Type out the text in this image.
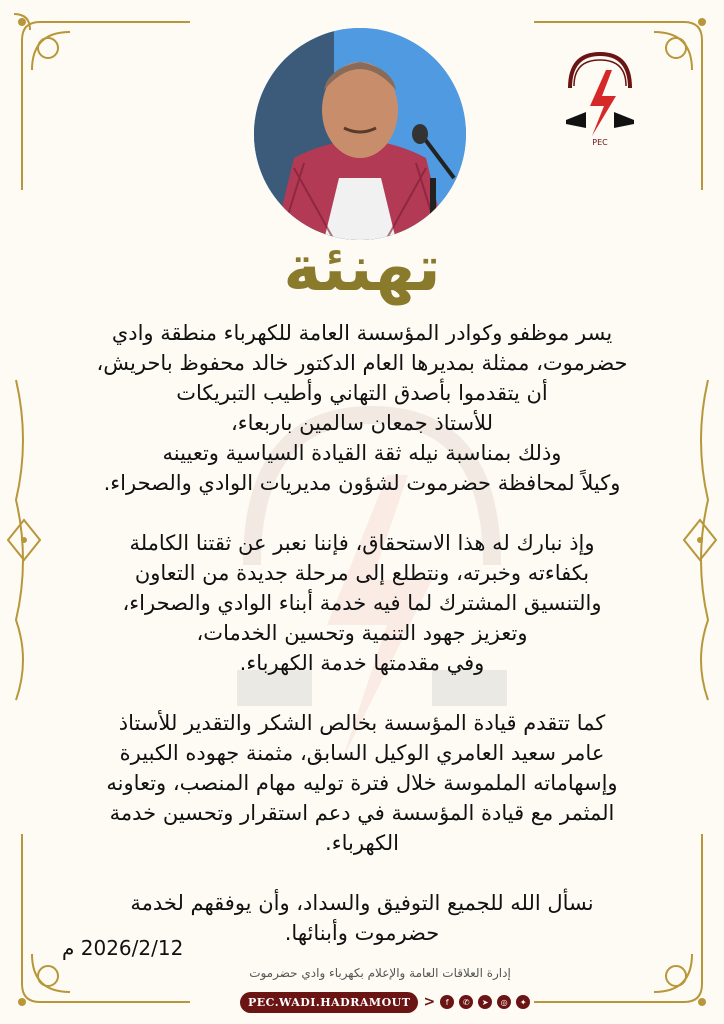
PEC
تهنئة

يسر موظفو وكوادر المؤسسة العامة للكهرباء منطقة وادي
حضرموت، ممثلة بمديرها العام الدكتور خالد محفوظ باحريش،
أن يتقدموا بأصدق التهاني وأطيب التبريكات
للأستاذ جمعان سالمين باربعاء،
وذلك بمناسبة نيله ثقة القيادة السياسية وتعيينه
وكيلاً لمحافظة حضرموت لشؤون مديريات الوادي والصحراء.

وإذ نبارك له هذا الاستحقاق، فإننا نعبر عن ثقتنا الكاملة
بكفاءته وخبرته، ونتطلع إلى مرحلة جديدة من التعاون
والتنسيق المشترك لما فيه خدمة أبناء الوادي والصحراء،
وتعزيز جهود التنمية وتحسين الخدمات،
وفي مقدمتها خدمة الكهرباء.

كما تتقدم قيادة المؤسسة بخالص الشكر والتقدير للأستاذ
عامر سعيد العامري الوكيل السابق، مثمنة جهوده الكبيرة
وإسهاماته الملموسة خلال فترة توليه مهام المنصب، وتعاونه
المثمر مع قيادة المؤسسة في دعم استقرار وتحسين خدمة
الكهرباء.

نسأل الله للجميع التوفيق والسداد، وأن يوفقهم لخدمة
حضرموت وأبنائها.

2026/2/12 م
إدارة العلاقات العامة والإعلام بكهرباء وادي حضرموت
PEC.WADI.HADRAMOUT >	f	✆	➤	◎	✦
